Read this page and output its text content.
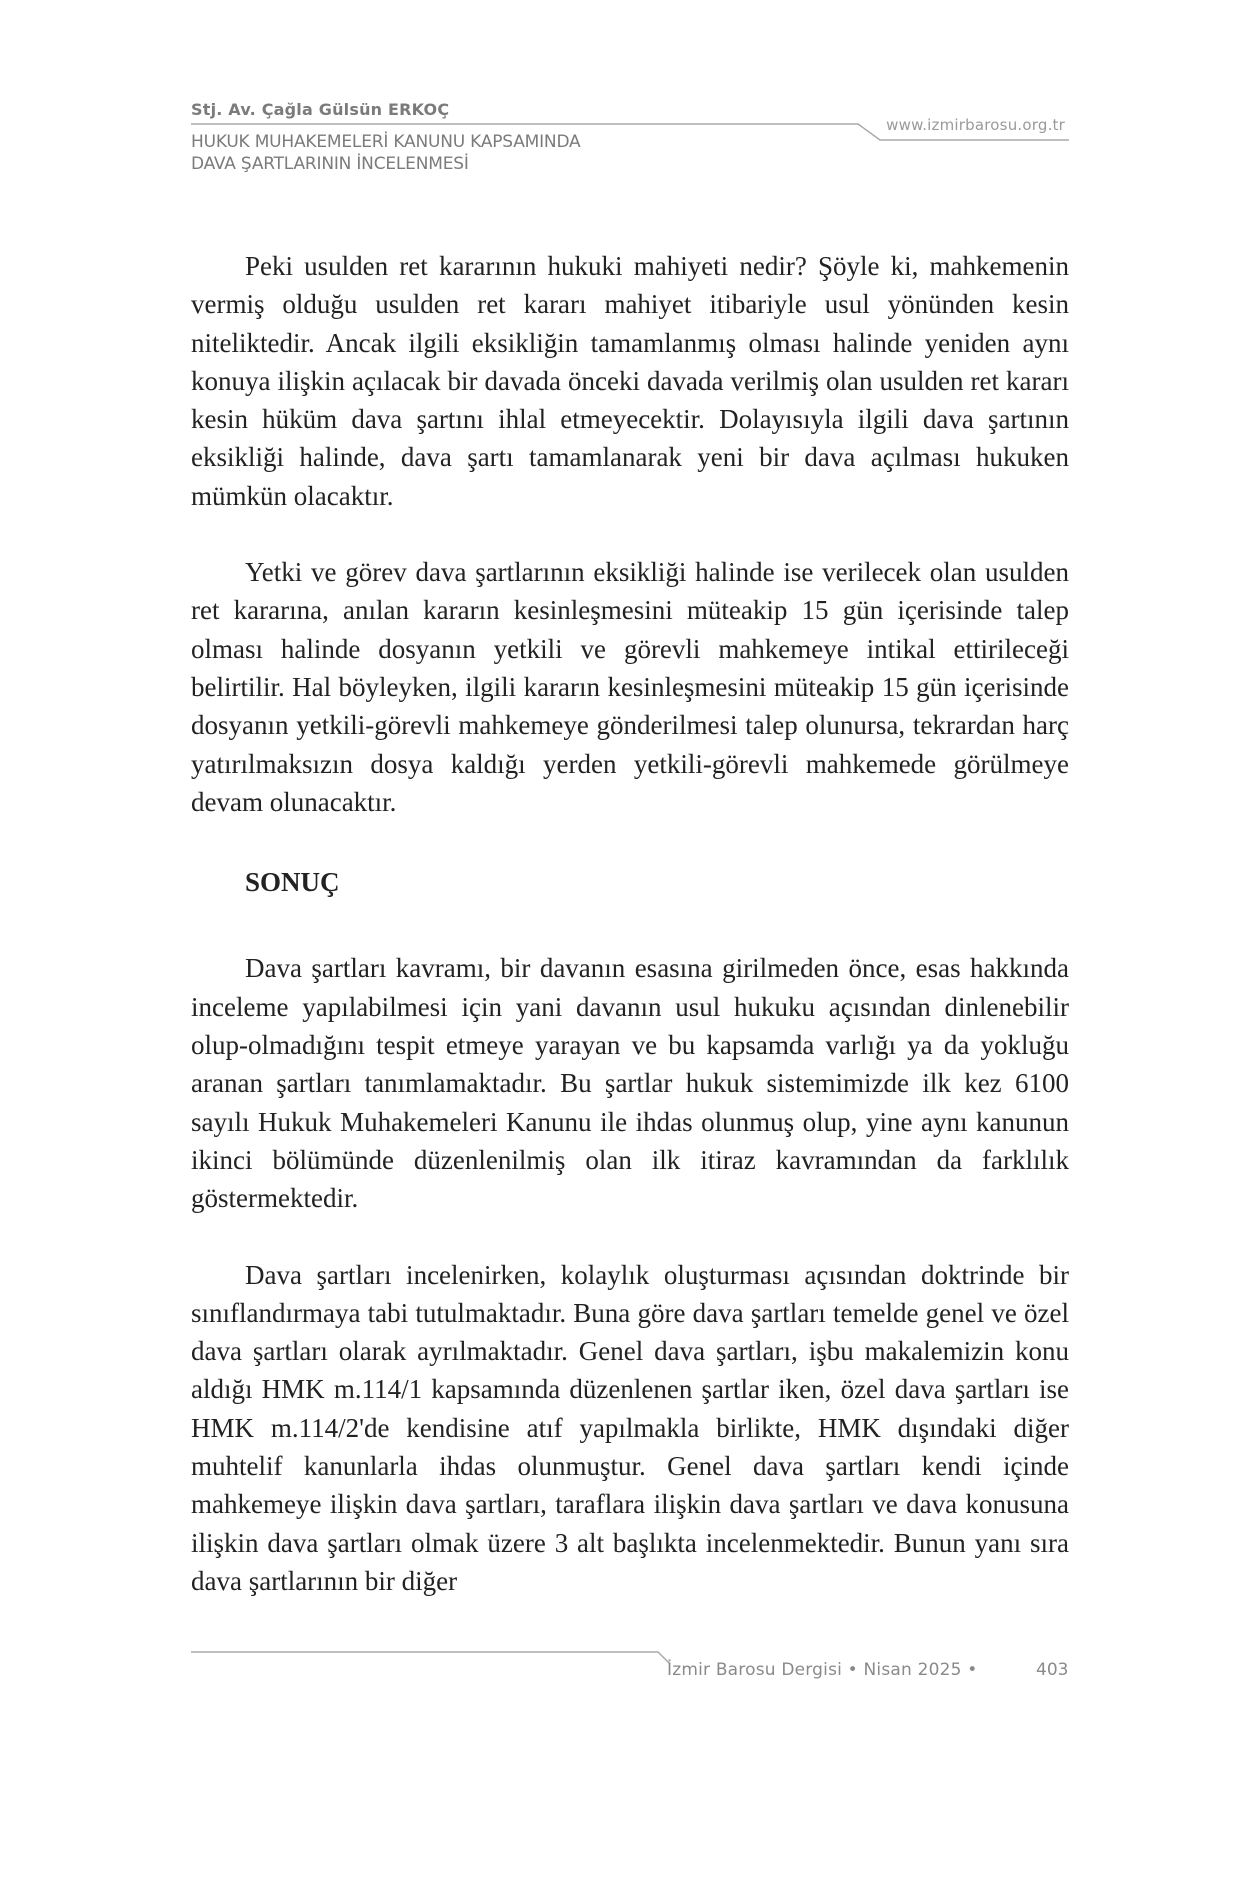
Stj. Av. Çağla Gülsün ERKOÇ
HUKUK MUHAKEMELERİ KANUNU KAPSAMINDA
DAVA ŞARTLARININ İNCELENMESİ
www.izmirbarosu.org.tr

Peki usulden ret kararının hukuki mahiyeti nedir? Şöyle ki, mahkemenin vermiş olduğu usulden ret kararı mahiyet itibariyle usul yönünden kesin niteliktedir. Ancak ilgili eksikliğin tamamlanmış olması halinde yeniden aynı konuya ilişkin açılacak bir davada önceki davada verilmiş olan usulden ret kararı kesin hüküm dava şartını ihlal etmeyecektir. Dolayısıyla ilgili dava şartının eksikliği halinde, dava şartı tamamlanarak yeni bir dava açılması hukuken mümkün olacaktır.

Yetki ve görev dava şartlarının eksikliği halinde ise verilecek olan usulden ret kararına, anılan kararın kesinleşmesini müteakip 15 gün içerisinde talep olması halinde dosyanın yetkili ve görevli mahkemeye intikal ettirileceği belirtilir. Hal böyleyken, ilgili kararın kesinleşmesini müteakip 15 gün içerisinde dosyanın yetkili-görevli mahkemeye gönderilmesi talep olunursa, tekrardan harç yatırılmaksızın dosya kaldığı yerden yetkili-görevli mahkemede görülmeye devam olunacaktır.

SONUÇ

Dava şartları kavramı, bir davanın esasına girilmeden önce, esas hakkında inceleme yapılabilmesi için yani davanın usul hukuku açısından dinlenebilir olup-olmadığını tespit etmeye yarayan ve bu kapsamda varlığı ya da yokluğu aranan şartları tanımlamaktadır. Bu şartlar hukuk sistemimizde ilk kez 6100 sayılı Hukuk Muhakemeleri Kanunu ile ihdas olunmuş olup, yine aynı kanunun ikinci bölümünde düzenlenilmiş olan ilk itiraz kavramından da farklılık göstermektedir.

Dava şartları incelenirken, kolaylık oluşturması açısından doktrinde bir sınıflandırmaya tabi tutulmaktadır. Buna göre dava şartları temelde genel ve özel dava şartları olarak ayrılmaktadır. Genel dava şartları, işbu makalemizin konu aldığı HMK m.114/1 kapsamında düzenlenen şartlar iken, özel dava şartları ise HMK m.114/2'de kendisine atıf yapılmakla birlikte, HMK dışındaki diğer muhtelif kanunlarla ihdas olunmuştur. Genel dava şartları kendi içinde mahkemeye ilişkin dava şartları, taraflara ilişkin dava şartları ve dava konusuna ilişkin dava şartları olmak üzere 3 alt başlıkta incelenmektedir. Bunun yanı sıra dava şartlarının bir diğer

İzmir Barosu Dergisi • Nisan 2025 •	403
